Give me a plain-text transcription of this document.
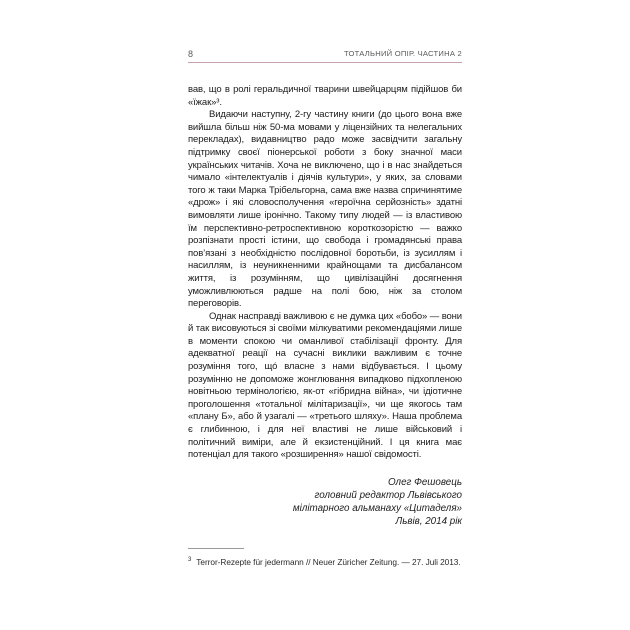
8	ТОТАЛЬНИЙ ОПІР. ЧАСТИНА 2

вав, що в ролі геральдичної тварини швейцарцям підійшов би «їжак»³.

Видаючи наступну, 2-гу частину книги (до цього вона вже вийшла більш ніж 50-ма мовами у ліцензійних та нелегальних перекладах), видавництво радо може засвідчити загальну підтримку своєї піонерської роботи з боку значної маси українських читачів. Хоча не виключено, що і в нас знайдеться чимало «інтелектуалів і діячів культури», у яких, за словами того ж таки Марка Трібельгорна, сама вже назва спричинятиме «дрож» і які словосполучення «героїчна серйозність» здатні вимовляти лише іронічно. Такому типу людей — із властивою їм перспективно-ретроспективною короткозорістю — важко розпізнати прості істини, що свобода і громадянські права пов’язані з необхідністю послідовної боротьби, із зусиллям і насиллям, із неуникненними крайнощами та дисбалансом життя, із розумінням, що цивілізаційні досягнення уможливлюються радше на полі бою, ніж за столом переговорів.

Однак насправді важливою є не думка цих «бобо» — вони й так висовуються зі своїми мілкуватими рекомендаціями лише в моменти спокою чи оманливої стабілізації фронту. Для адекватної реації на сучасні виклики важливим є точне розуміння того, щó власне з нами відбувається. І цьому розумінню не допоможе жонглювання випадково підхопленою новітньою термінологією, як-от «гібридна війна», чи ідіотичне проголошення «тотальної мілітаризації», чи ще якогось там «плану Б», або й узагалі — «третього шляху». Наша проблема є глибинною, і для неї властиві не лише військовий і політичний виміри, але й екзистенційний. І ця книга має потенціал для такого «розширення» нашої свідомості.

Олег Фешовець
головний редактор Львівського
мілітарного альманаху «Цитаделя»
Львів, 2014 рік
$^3$ Terror-Rezepte für jedermann // Neuer Züricher Zeitung. — 27. Juli 2013.
